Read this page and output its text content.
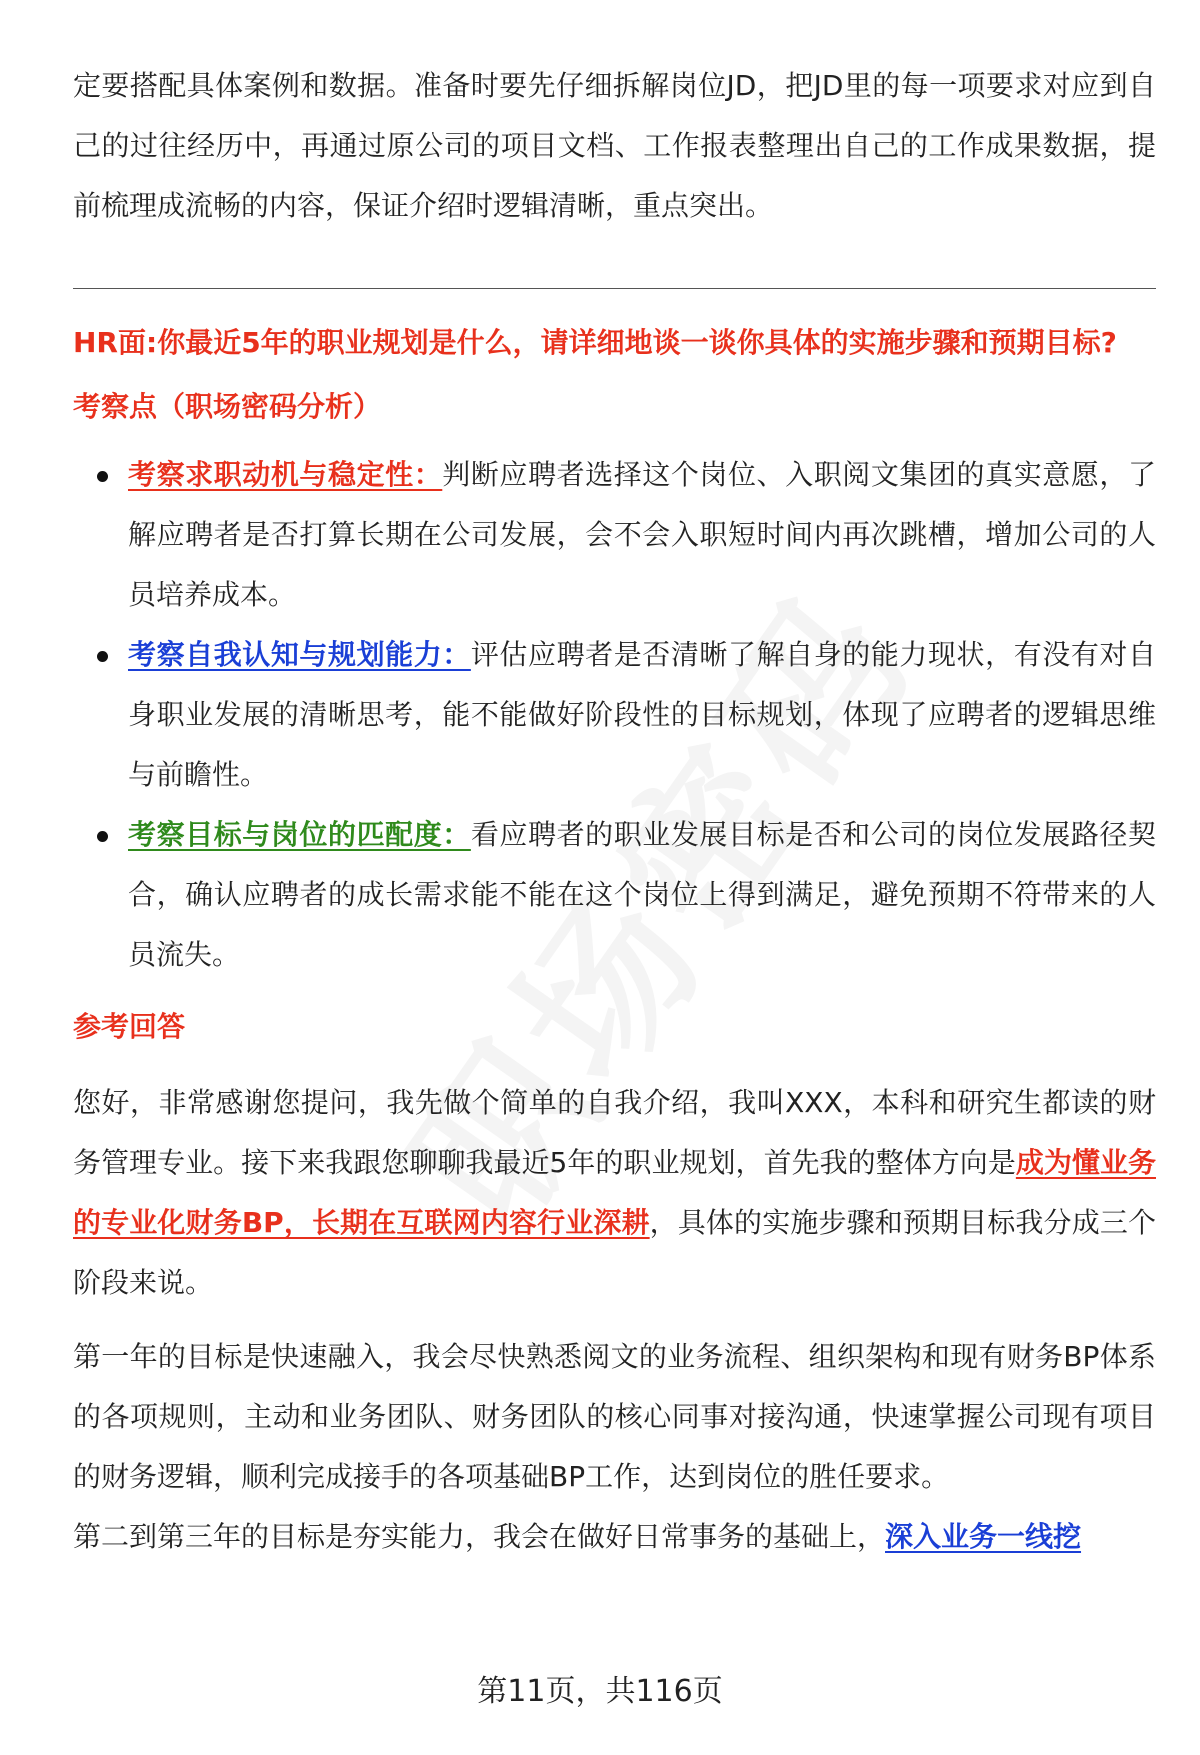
定要搭配具体案例和数据。准备时要先仔细拆解岗位JD，把JD里的每一项要求对应到自己的过往经历中，再通过原公司的项目文档、工作报表整理出自己的工作成果数据，提前梳理成流畅的内容，保证介绍时逻辑清晰，重点突出。

HR面:你最近5年的职业规划是什么，请详细地谈一谈你具体的实施步骤和预期目标?

考察点（职场密码分析）

考察求职动机与稳定性：判断应聘者选择这个岗位、入职阅文集团的真实意愿，了解应聘者是否打算长期在公司发展，会不会入职短时间内再次跳槽，增加公司的人员培养成本。
考察自我认知与规划能力：评估应聘者是否清晰了解自身的能力现状，有没有对自身职业发展的清晰思考，能不能做好阶段性的目标规划，体现了应聘者的逻辑思维与前瞻性。
考察目标与岗位的匹配度：看应聘者的职业发展目标是否和公司的岗位发展路径契合，确认应聘者的成长需求能不能在这个岗位上得到满足，避免预期不符带来的人员流失。

参考回答

您好，非常感谢您提问，我先做个简单的自我介绍，我叫XXX，本科和研究生都读的财务管理专业。接下来我跟您聊聊我最近5年的职业规划，首先我的整体方向是成为懂业务的专业化财务BP，长期在互联网内容行业深耕，具体的实施步骤和预期目标我分成三个阶段来说。

第一年的目标是快速融入，我会尽快熟悉阅文的业务流程、组织架构和现有财务BP体系的各项规则，主动和业务团队、财务团队的核心同事对接沟通，快速掌握公司现有项目的财务逻辑，顺利完成接手的各项基础BP工作，达到岗位的胜任要求。

第二到第三年的目标是夯实能力，我会在做好日常事务的基础上，深入业务一线挖

第11页，共116页
